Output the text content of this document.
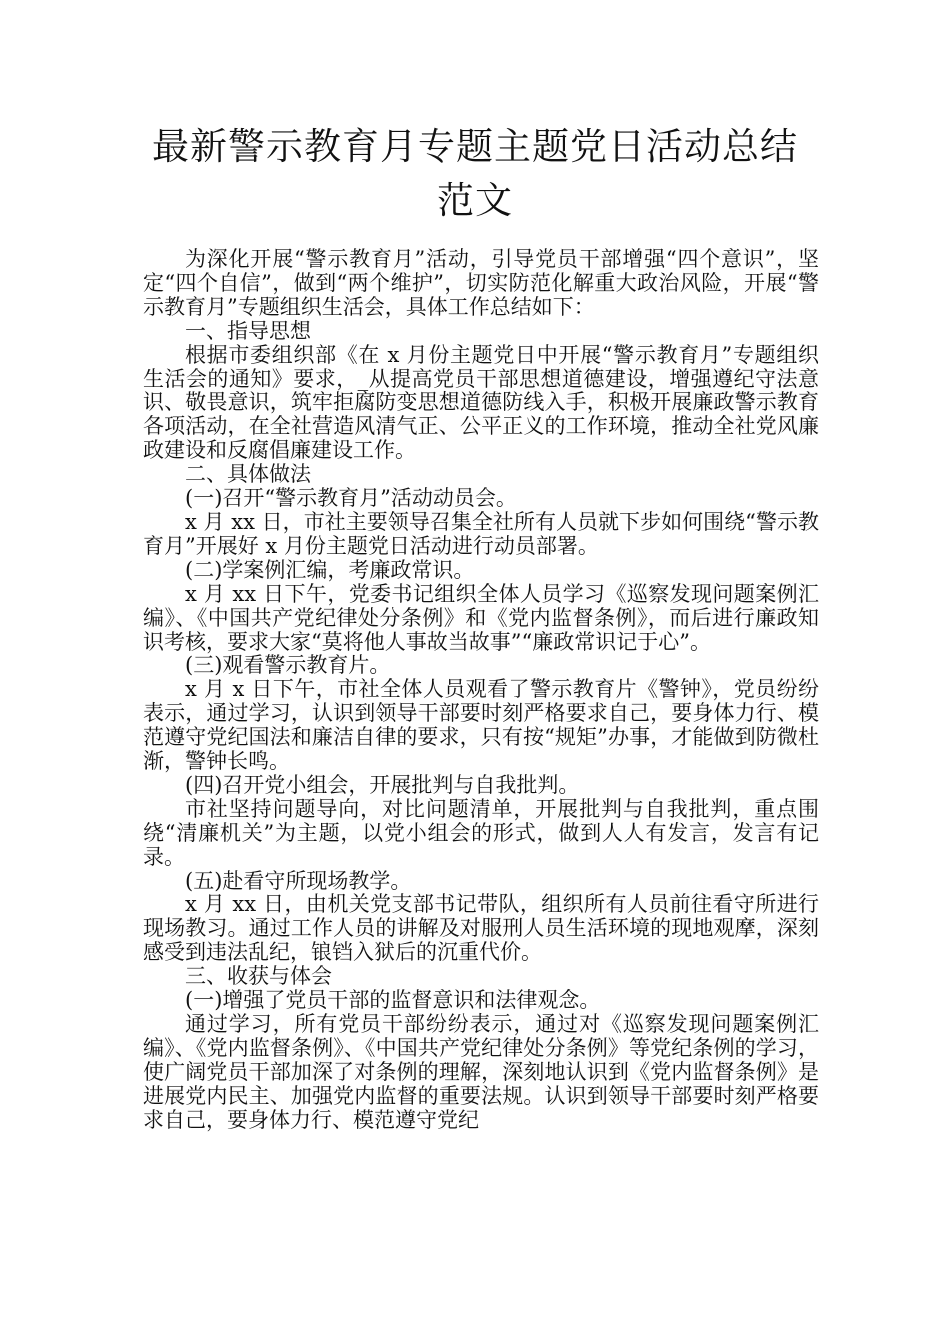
最新警示教育月专题主题党日活动总结范文

为深化开展“警示教育月”活动，引导党员干部增强“四个意识”，坚定“四个自信”，做到“两个维护”，切实防范化解重大政治风险，开展“警示教育月”专题组织生活会，具体工作总结如下：

一、指导思想

根据市委组织部《在 x 月份主题党日中开展“警示教育月”专题组织生活会的通知》要求，_从提高党员干部思想道德建设，增强遵纪守法意识、敬畏意识，筑牢拒腐防变思想道德防线入手，积极开展廉政警示教育各项活动，在全社营造风清气正、公平正义的工作环境，推动全社党风廉政建设和反腐倡廉建设工作。

二、具体做法

(一)召开“警示教育月”活动动员会。

x 月 xx 日，市社主要领导召集全社所有人员就下步如何围绕“警示教育月”开展好 x 月份主题党日活动进行动员部署。

(二)学案例汇编，考廉政常识。

x 月 xx 日下午，党委书记组织全体人员学习《巡察发现问题案例汇编》、《中国共产党纪律处分条例》和《党内监督条例》，而后进行廉政知识考核，要求大家“莫将他人事故当故事”“廉政常识记于心”。

(三)观看警示教育片。

x 月 x 日下午，市社全体人员观看了警示教育片《警钟》，党员纷纷表示，通过学习，认识到领导干部要时刻严格要求自己，要身体力行、模范遵守党纪国法和廉洁自律的要求，只有按“规矩”办事，才能做到防微杜渐，警钟长鸣。

(四)召开党小组会，开展批判与自我批判。

市社坚持问题导向，对比问题清单，开展批判与自我批判，重点围绕“清廉机关”为主题，以党小组会的形式，做到人人有发言，发言有记录。

(五)赴看守所现场教学。

x 月 xx 日，由机关党支部书记带队，组织所有人员前往看守所进行现场教习。通过工作人员的讲解及对服刑人员生活环境的现地观摩，深刻感受到违法乱纪，锒铛入狱后的沉重代价。

三、收获与体会

(一)增强了党员干部的监督意识和法律观念。

通过学习，所有党员干部纷纷表示，通过对《巡察发现问题案例汇编》、《党内监督条例》、《中国共产党纪律处分条例》等党纪条例的学习，使广阔党员干部加深了对条例的理解，深刻地认识到《党内监督条例》是进展党内民主、加强党内监督的重要法规。认识到领导干部要时刻严格要求自己，要身体力行、模范遵守党纪
